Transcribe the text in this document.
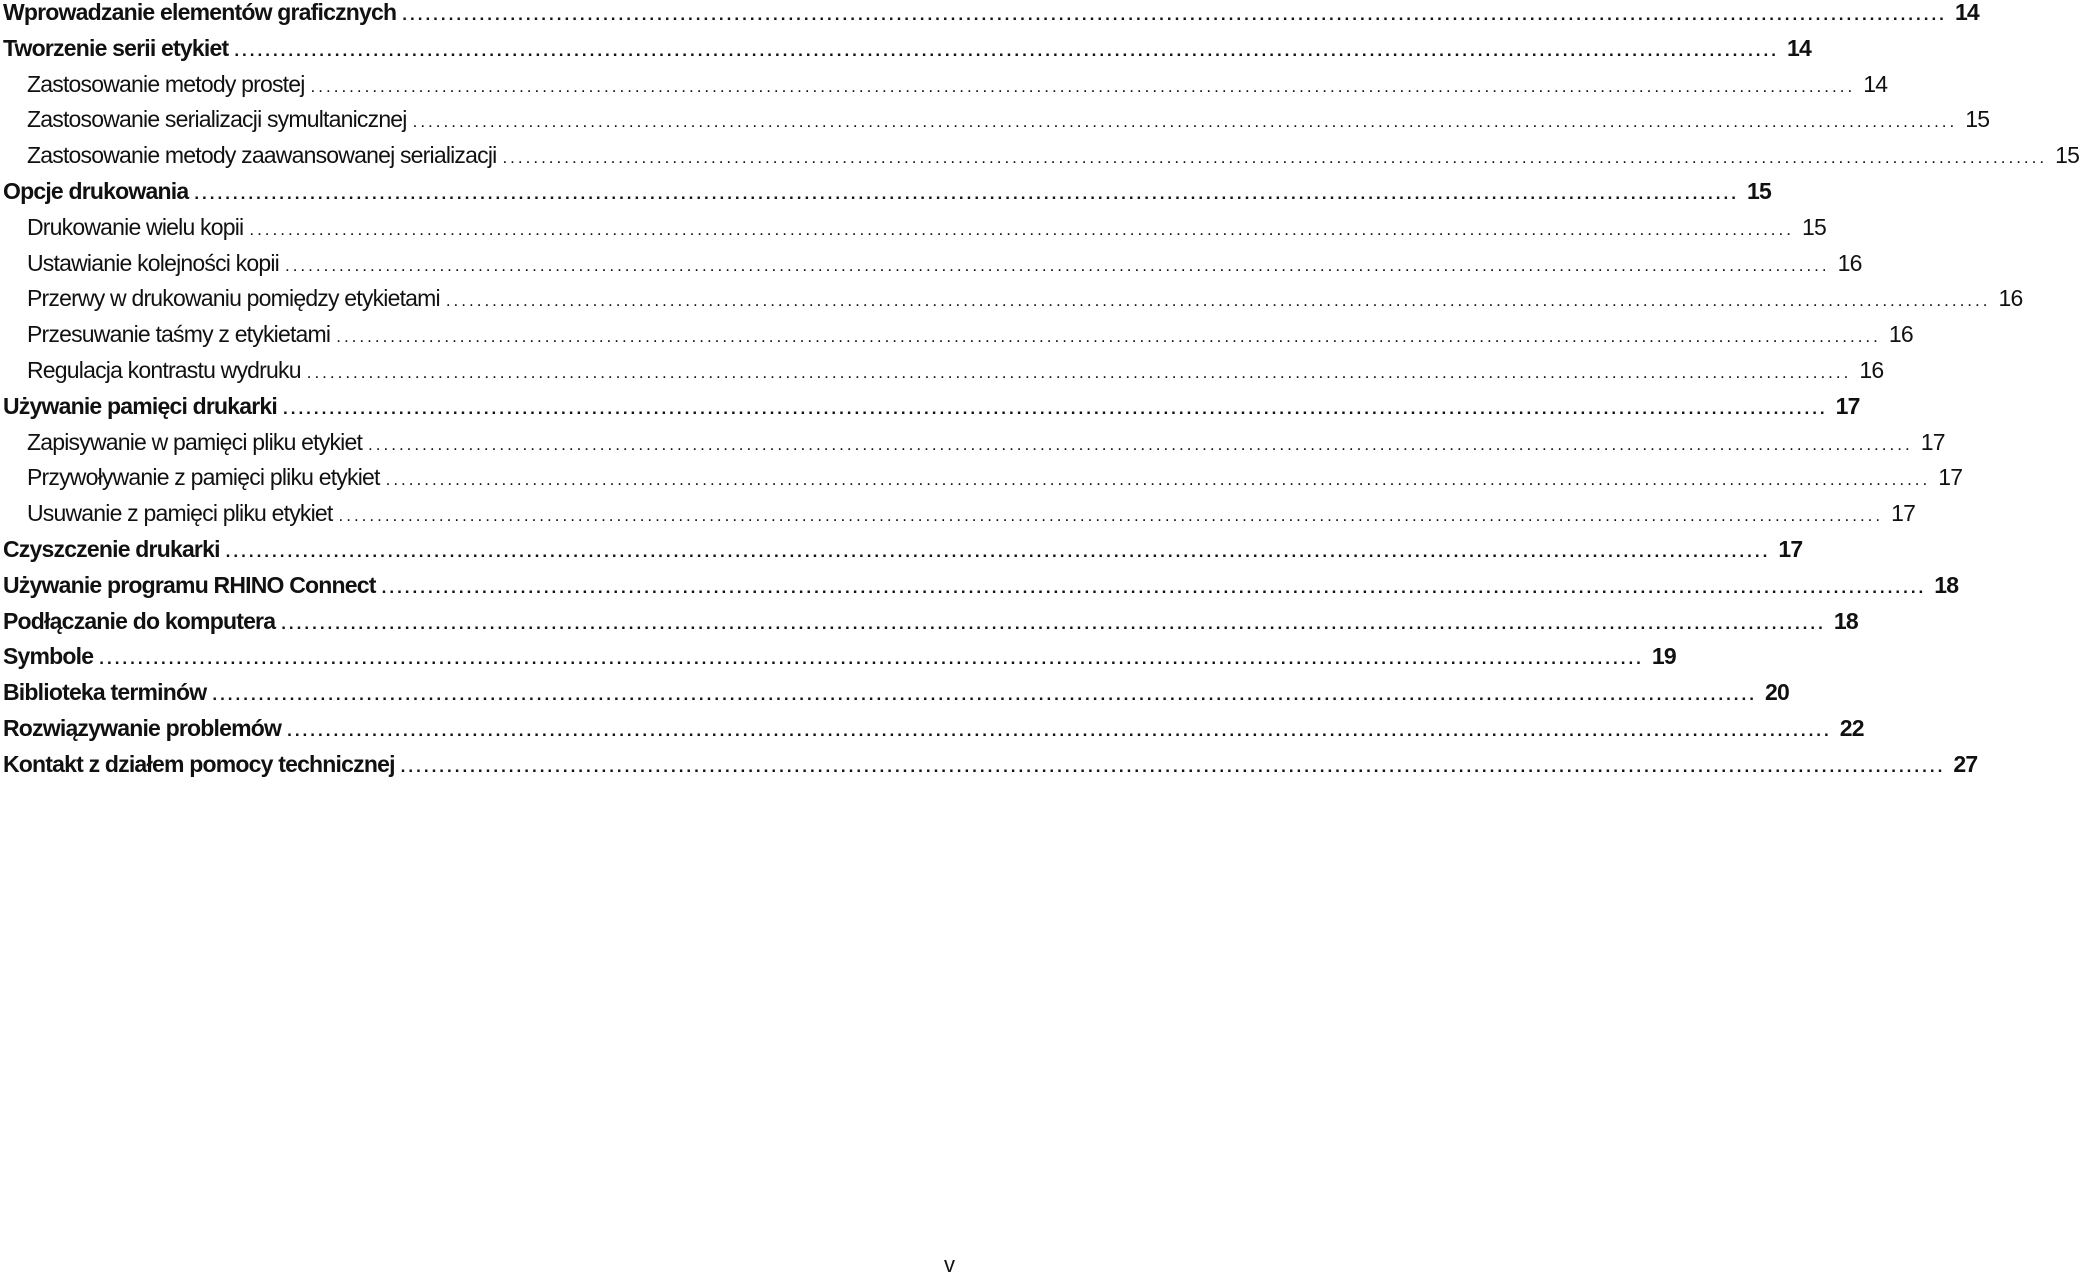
Wprowadzanie elementów graficznych ........................................................................................................................................................................................................ 14
Tworzenie serii etykiet ........................................................................................................................................................................................................ 14
Zastosowanie metody prostej ........................................................................................................................................................................................................ 14
Zastosowanie serializacji symultanicznej ........................................................................................................................................................................................................ 15
Zastosowanie metody zaawansowanej serializacji ........................................................................................................................................................................................................ 15
Opcje drukowania ........................................................................................................................................................................................................ 15
Drukowanie wielu kopii ........................................................................................................................................................................................................ 15
Ustawianie kolejności kopii ........................................................................................................................................................................................................ 16
Przerwy w drukowaniu pomiędzy etykietami ........................................................................................................................................................................................................ 16
Przesuwanie taśmy z etykietami ........................................................................................................................................................................................................ 16
Regulacja kontrastu wydruku ........................................................................................................................................................................................................ 16
Używanie pamięci drukarki ........................................................................................................................................................................................................ 17
Zapisywanie w pamięci pliku etykiet ........................................................................................................................................................................................................ 17
Przywoływanie z pamięci pliku etykiet ........................................................................................................................................................................................................ 17
Usuwanie z pamięci pliku etykiet ........................................................................................................................................................................................................ 17
Czyszczenie drukarki ........................................................................................................................................................................................................ 17
Używanie programu RHINO Connect ........................................................................................................................................................................................................ 18
Podłączanie do komputera ........................................................................................................................................................................................................ 18
Symbole ........................................................................................................................................................................................................ 19
Biblioteka terminów ........................................................................................................................................................................................................ 20
Rozwiązywanie problemów ........................................................................................................................................................................................................ 22
Kontakt z działem pomocy technicznej ........................................................................................................................................................................................................ 27
v
